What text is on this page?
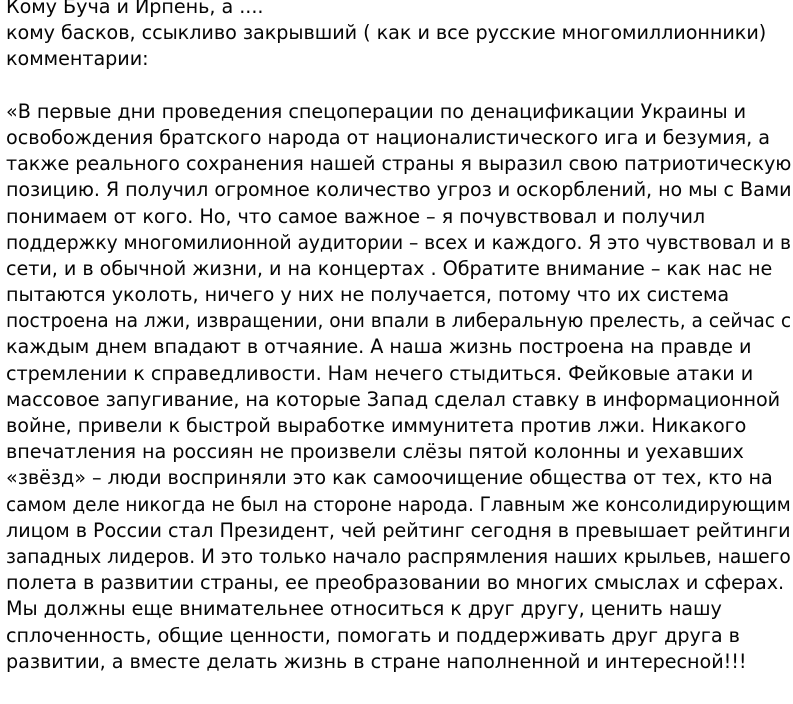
Кому Буча и Ирпень, а ....
кому басков, ссыкливо закрывший ( как и все русские многомиллионники)
комментарии:
«В первые дни проведения спецоперации по денацификации Украины и
освобождения братского народа от националистического ига и безумия, а
также реального сохранения нашей страны я выразил свою патриотическую
позицию. Я получил огромное количество угроз и оскорблений, но мы с Вами
понимаем от кого. Но, что самое важное – я почувствовал и получил
поддержку многомилионной аудитории – всех и каждого. Я это чувствовал и в
сети, и в обычной жизни, и на концертах . Обратите внимание – как нас не
пытаются уколоть, ничего у них не получается, потому что их система
построена на лжи, извращении, они впали в либеральную прелесть, а сейчас с
каждым днем впадают в отчаяние. А наша жизнь построена на правде и
стремлении к справедливости. Нам нечего стыдиться. Фейковые атаки и
массовое запугивание, на которые Запад сделал ставку в информационной
войне, привели к быстрой выработке иммунитета против лжи. Никакого
впечатления на россиян не произвели слёзы пятой колонны и уехавших
«звёзд» – люди восприняли это как самоочищение общества от тех, кто на
самом деле никогда не был на стороне народа. Главным же консолидирующим
лицом в России стал Президент, чей рейтинг сегодня в превышает рейтинги
западных лидеров. И это только начало распрямления наших крыльев, нашего
полета в развитии страны, ее преобразовании во многих смыслах и сферах.
Мы должны еще внимательнее относиться к друг другу, ценить нашу
сплоченность, общие ценности, помогать и поддерживать друг друга в
развитии, а вместе делать жизнь в стране наполненной и интересной!!!
